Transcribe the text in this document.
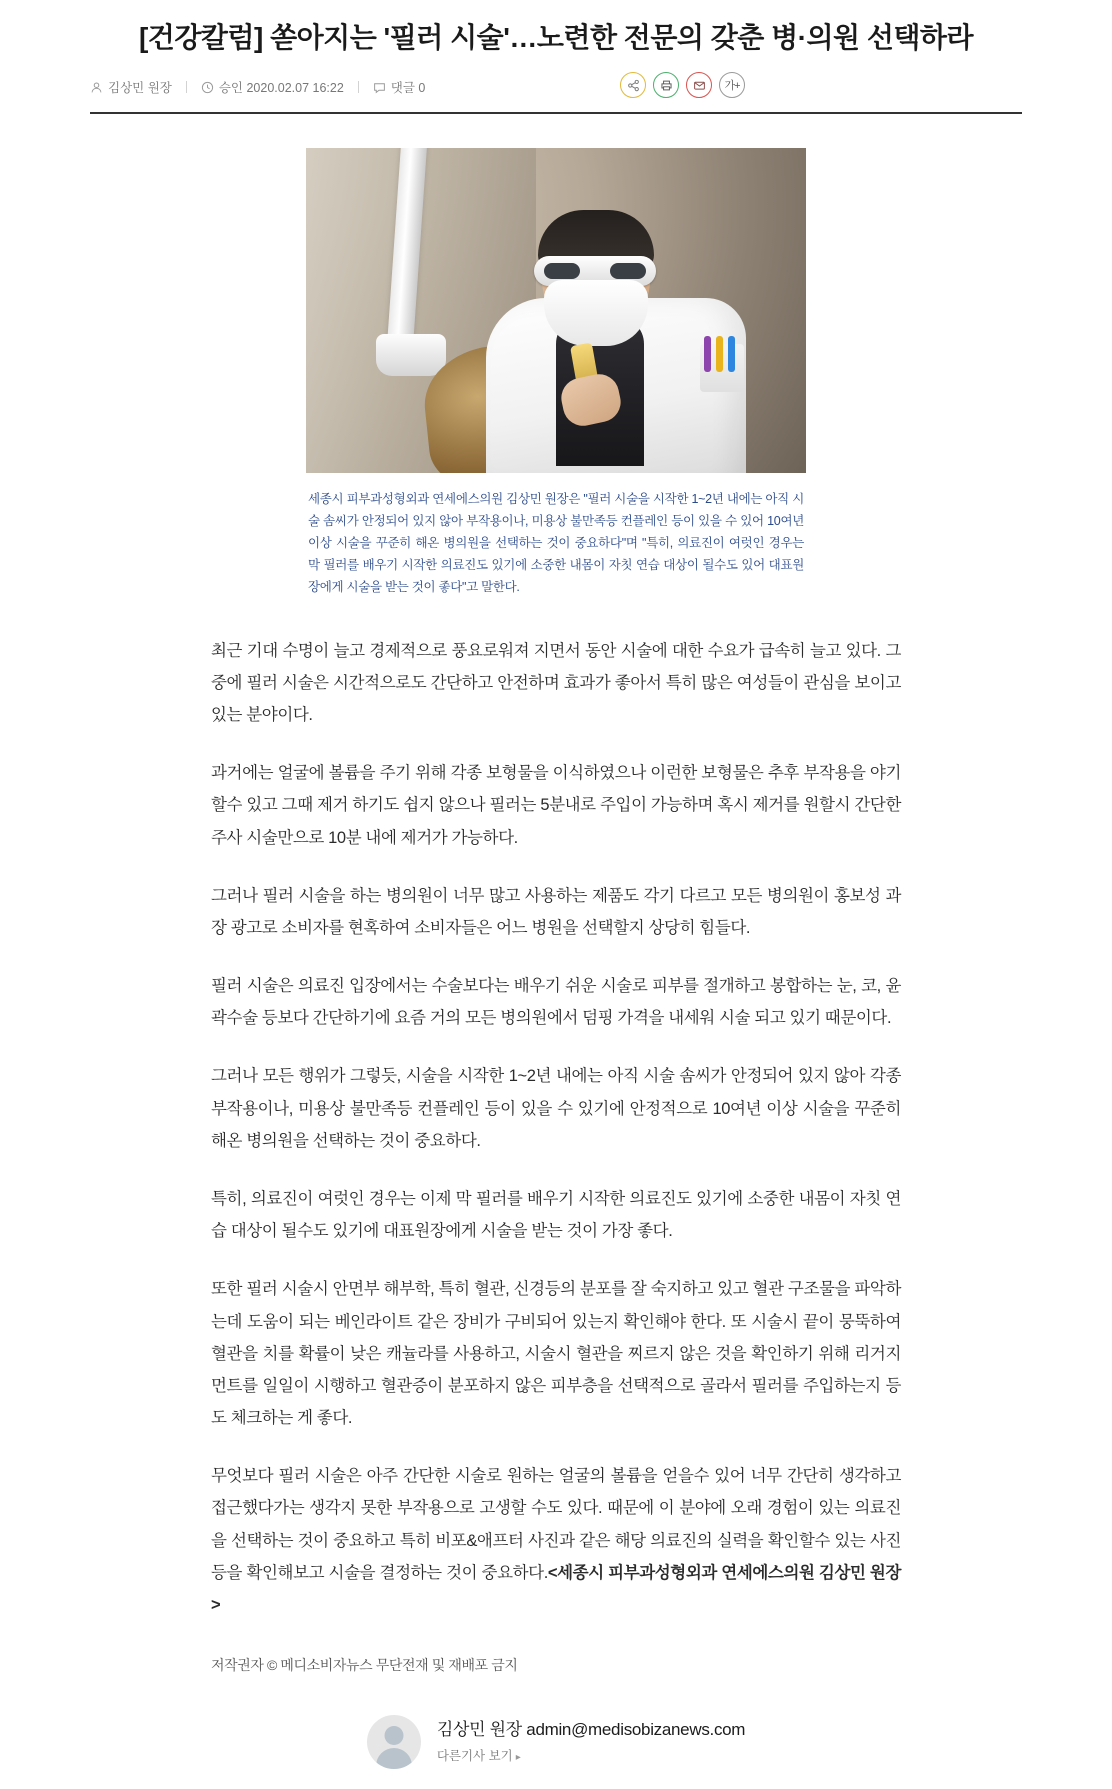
[건강칼럼] 쏟아지는 '필러 시술'…노련한 전문의 갖춘 병·의원 선택하라
김상민 원장	승인 2020.02.07 16:22	댓글 0	가+
세종시 피부과성형외과 연세에스의원 김상민 원장은 "필러 시술을 시작한 1~2년 내에는 아직 시술 솜씨가 안정되어 있지 않아 부작용이나, 미용상 불만족등 컨플레인 등이 있을 수 있어 10여년 이상 시술을 꾸준히 해온 병의원을 선택하는 것이 중요하다"며 "특히, 의료진이 여럿인 경우는 막 필러를 배우기 시작한 의료진도 있기에 소중한 내몸이 자칫 연습 대상이 될수도 있어 대표원장에게 시술을 받는 것이 좋다"고 말한다.

최근 기대 수명이 늘고 경제적으로 풍요로워져 지면서 동안 시술에 대한 수요가 급속히 늘고 있다. 그중에 필러 시술은 시간적으로도 간단하고 안전하며 효과가 좋아서 특히 많은 여성들이 관심을 보이고 있는 분야이다.

과거에는 얼굴에 볼륨을 주기 위해 각종 보형물을 이식하였으나 이런한 보형물은 추후 부작용을 야기 할수 있고 그때 제거 하기도 쉽지 않으나 필러는 5분내로 주입이 가능하며 혹시 제거를 원할시 간단한 주사 시술만으로 10분 내에 제거가 가능하다.

그러나 필러 시술을 하는 병의원이 너무 많고 사용하는 제품도 각기 다르고 모든 병의원이 홍보성 과장 광고로 소비자를 현혹하여 소비자들은 어느 병원을 선택할지 상당히 힘들다.

필러 시술은 의료진 입장에서는 수술보다는 배우기 쉬운 시술로 피부를 절개하고 봉합하는 눈, 코, 윤곽수술 등보다 간단하기에 요즘 거의 모든 병의원에서 덤핑 가격을 내세워 시술 되고 있기 때문이다.

그러나 모든 행위가 그렇듯, 시술을 시작한 1~2년 내에는 아직 시술 솜씨가 안정되어 있지 않아 각종 부작용이나, 미용상 불만족등 컨플레인 등이 있을 수 있기에 안정적으로 10여년 이상 시술을 꾸준히 해온 병의원을 선택하는 것이 중요하다.

특히, 의료진이 여럿인 경우는 이제 막 필러를 배우기 시작한 의료진도 있기에 소중한 내몸이 자칫 연습 대상이 될수도 있기에 대표원장에게 시술을 받는 것이 가장 좋다.

또한 필러 시술시 안면부 해부학, 특히 혈관, 신경등의 분포를 잘 숙지하고 있고 혈관 구조물을 파악하는데 도움이 되는 베인라이트 같은 장비가 구비되어 있는지 확인해야 한다. 또 시술시 끝이 뭉뚝하여 혈관을 치를 확률이 낮은 캐뉼라를 사용하고, 시술시 혈관을 찌르지 않은 것을 확인하기 위해 리거지먼트를 일일이 시행하고 혈관증이 분포하지 않은 피부층을 선택적으로 골라서 필러를 주입하는지 등도 체크하는 게 좋다.

무엇보다 필러 시술은 아주 간단한 시술로 원하는 얼굴의 볼륨을 얻을수 있어 너무 간단히 생각하고 접근했다가는 생각지 못한 부작용으로 고생할 수도 있다. 때문에 이 분야에 오래 경험이 있는 의료진을 선택하는 것이 중요하고 특히 비포&애프터 사진과 같은 해당 의료진의 실력을 확인할수 있는 사진 등을 확인해보고 시술을 결정하는 것이 중요하다.<세종시 피부과성형외과 연세에스의원 김상민 원장>

저작권자 © 메디소비자뉴스 무단전재 및 재배포 금지
김상민 원장 admin@medisobizanews.com
다른기사 보기 ▸
